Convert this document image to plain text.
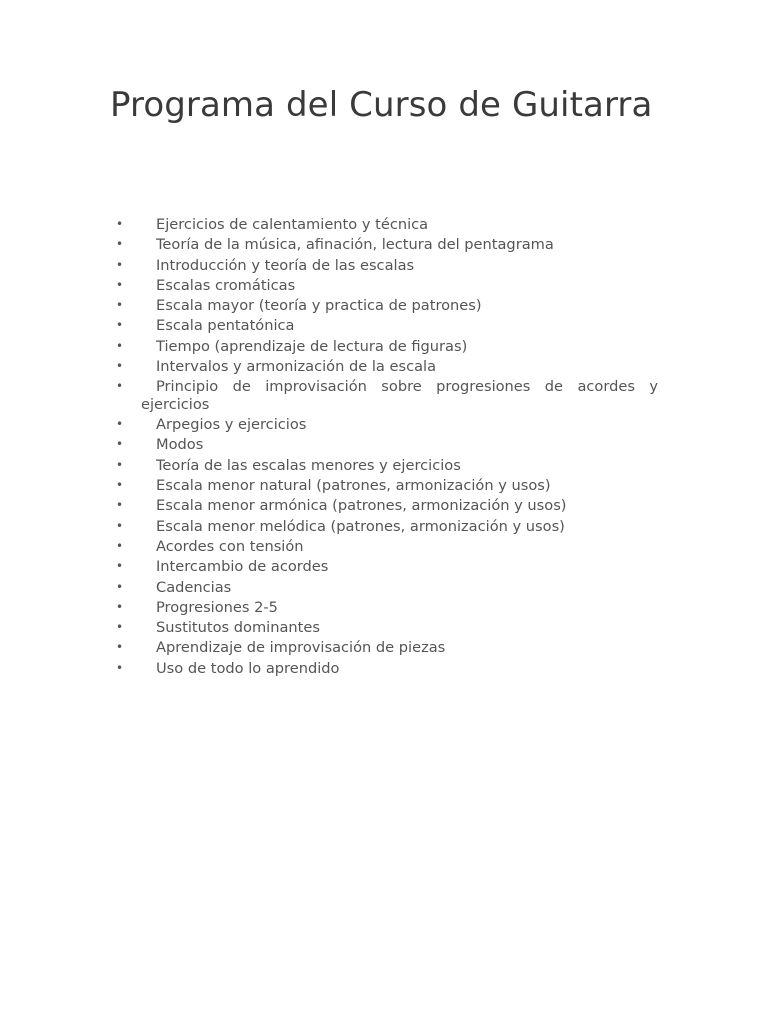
Programa del Curso de Guitarra
• Ejercicios de calentamiento y técnica
• Teoría de la música, afinación, lectura del pentagrama
• Introducción y teoría de las escalas
• Escalas cromáticas
• Escala mayor (teoría y practica de patrones)
• Escala pentatónica
• Tiempo (aprendizaje de lectura de figuras)
• Intervalos y armonización de la escala
•	Principio de improvisación sobre progresiones de acordes y ejercicios
• Arpegios y ejercicios
• Modos
• Teoría de las escalas menores y ejercicios
• Escala menor natural (patrones, armonización y usos)
• Escala menor armónica (patrones, armonización y usos)
• Escala menor melódica (patrones, armonización y usos)
• Acordes con tensión
• Intercambio de acordes
• Cadencias
• Progresiones 2-5
• Sustitutos dominantes
• Aprendizaje de improvisación de piezas
• Uso de todo lo aprendido
